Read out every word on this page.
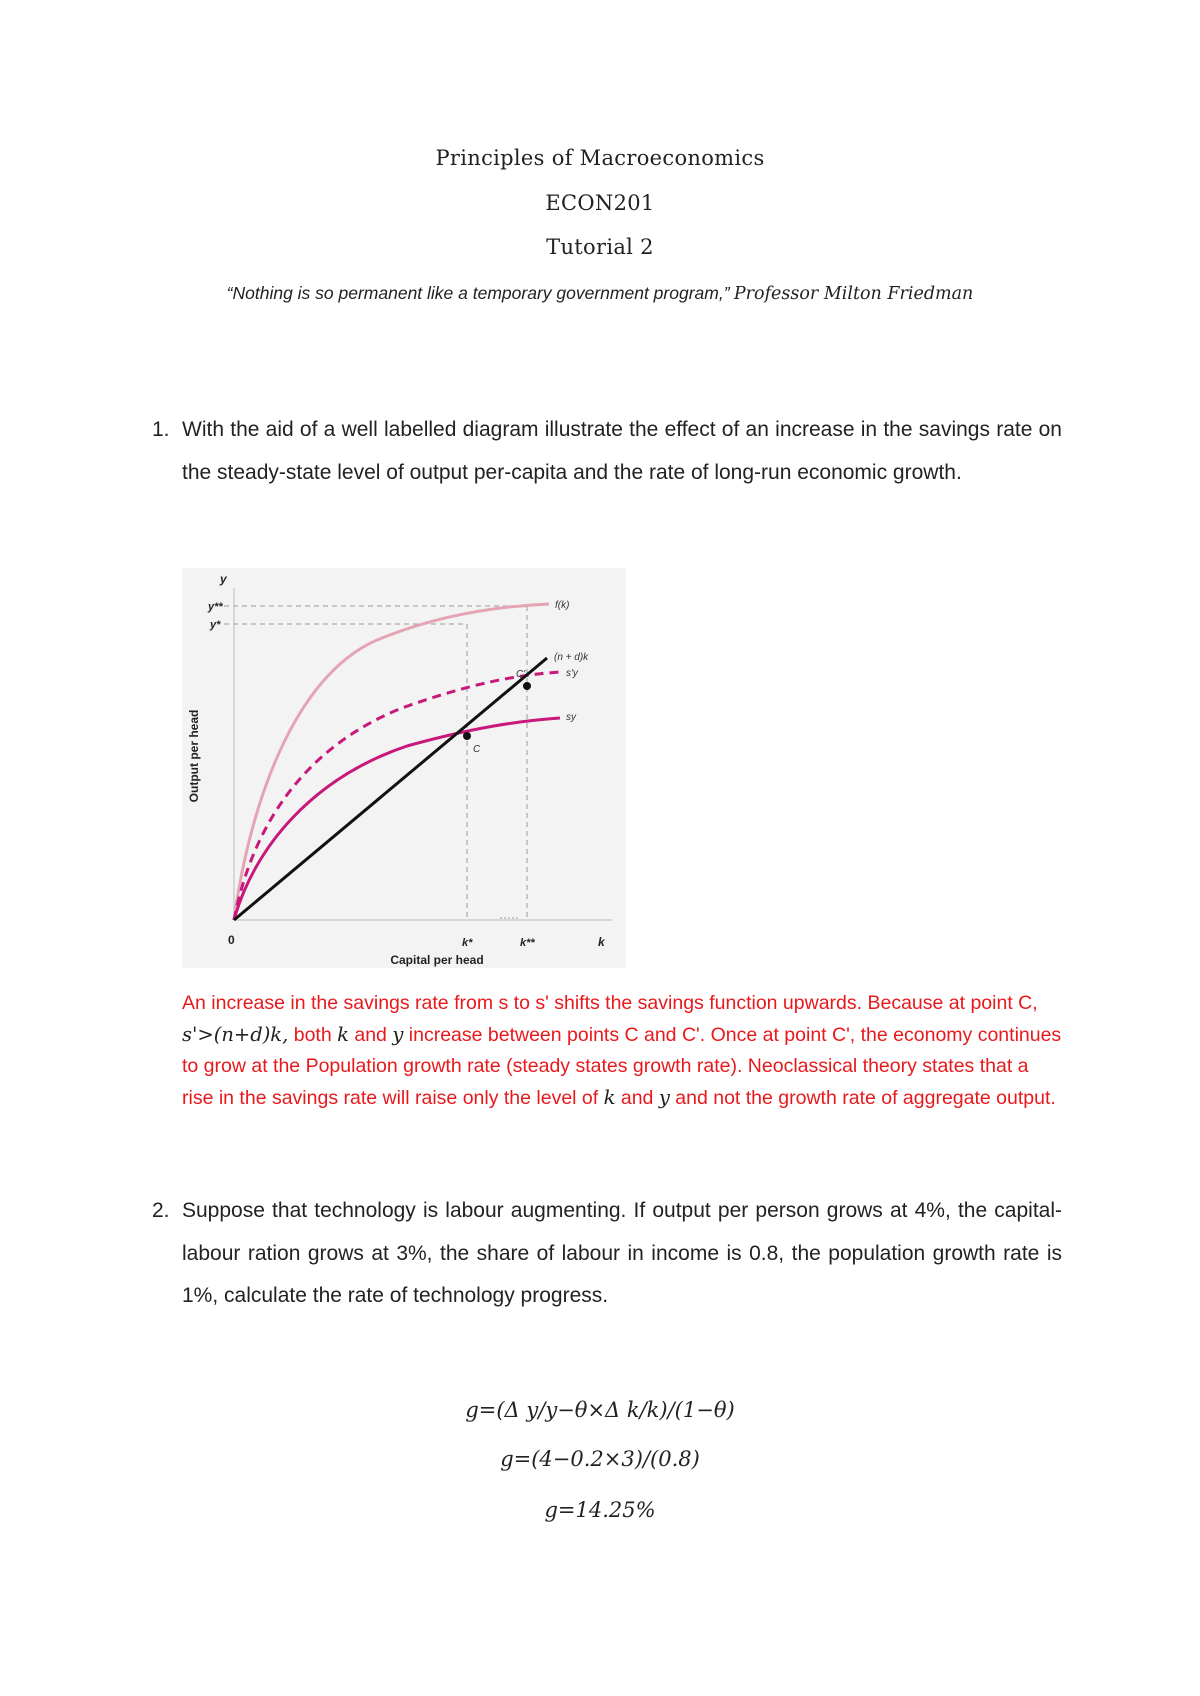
Principles of Macroeconomics
ECON201
Tutorial 2
“Nothing is so permanent like a temporary government program,” Professor Milton Friedman
1. With the aid of a well labelled diagram illustrate the effect of an increase in the savings rate on the steady-state level of output per-capita and the rate of long-run economic growth.
y
y**
y*
Output per head
0	k*	k**	k
Capital per head
f(k)
(n + d)k
s'y
sy
C
C'
An increase in the savings rate from s to s' shifts the savings function upwards. Because at point C, s'>(n+d)k, both k and y increase between points C and C'. Once at point C', the economy continues to grow at the Population growth rate (steady states growth rate). Neoclassical theory states that a rise in the savings rate will raise only the level of k and y and not the growth rate of aggregate output.
2. Suppose that technology is labour augmenting. If output per person grows at 4%, the capital-labour ration grows at 3%, the share of labour in income is 0.8, the population growth rate is 1%, calculate the rate of technology progress.
g=(Δ y/y−θ×Δ k/k)/(1−θ)
g=(4−0.2×3)/(0.8)
g=14.25%
